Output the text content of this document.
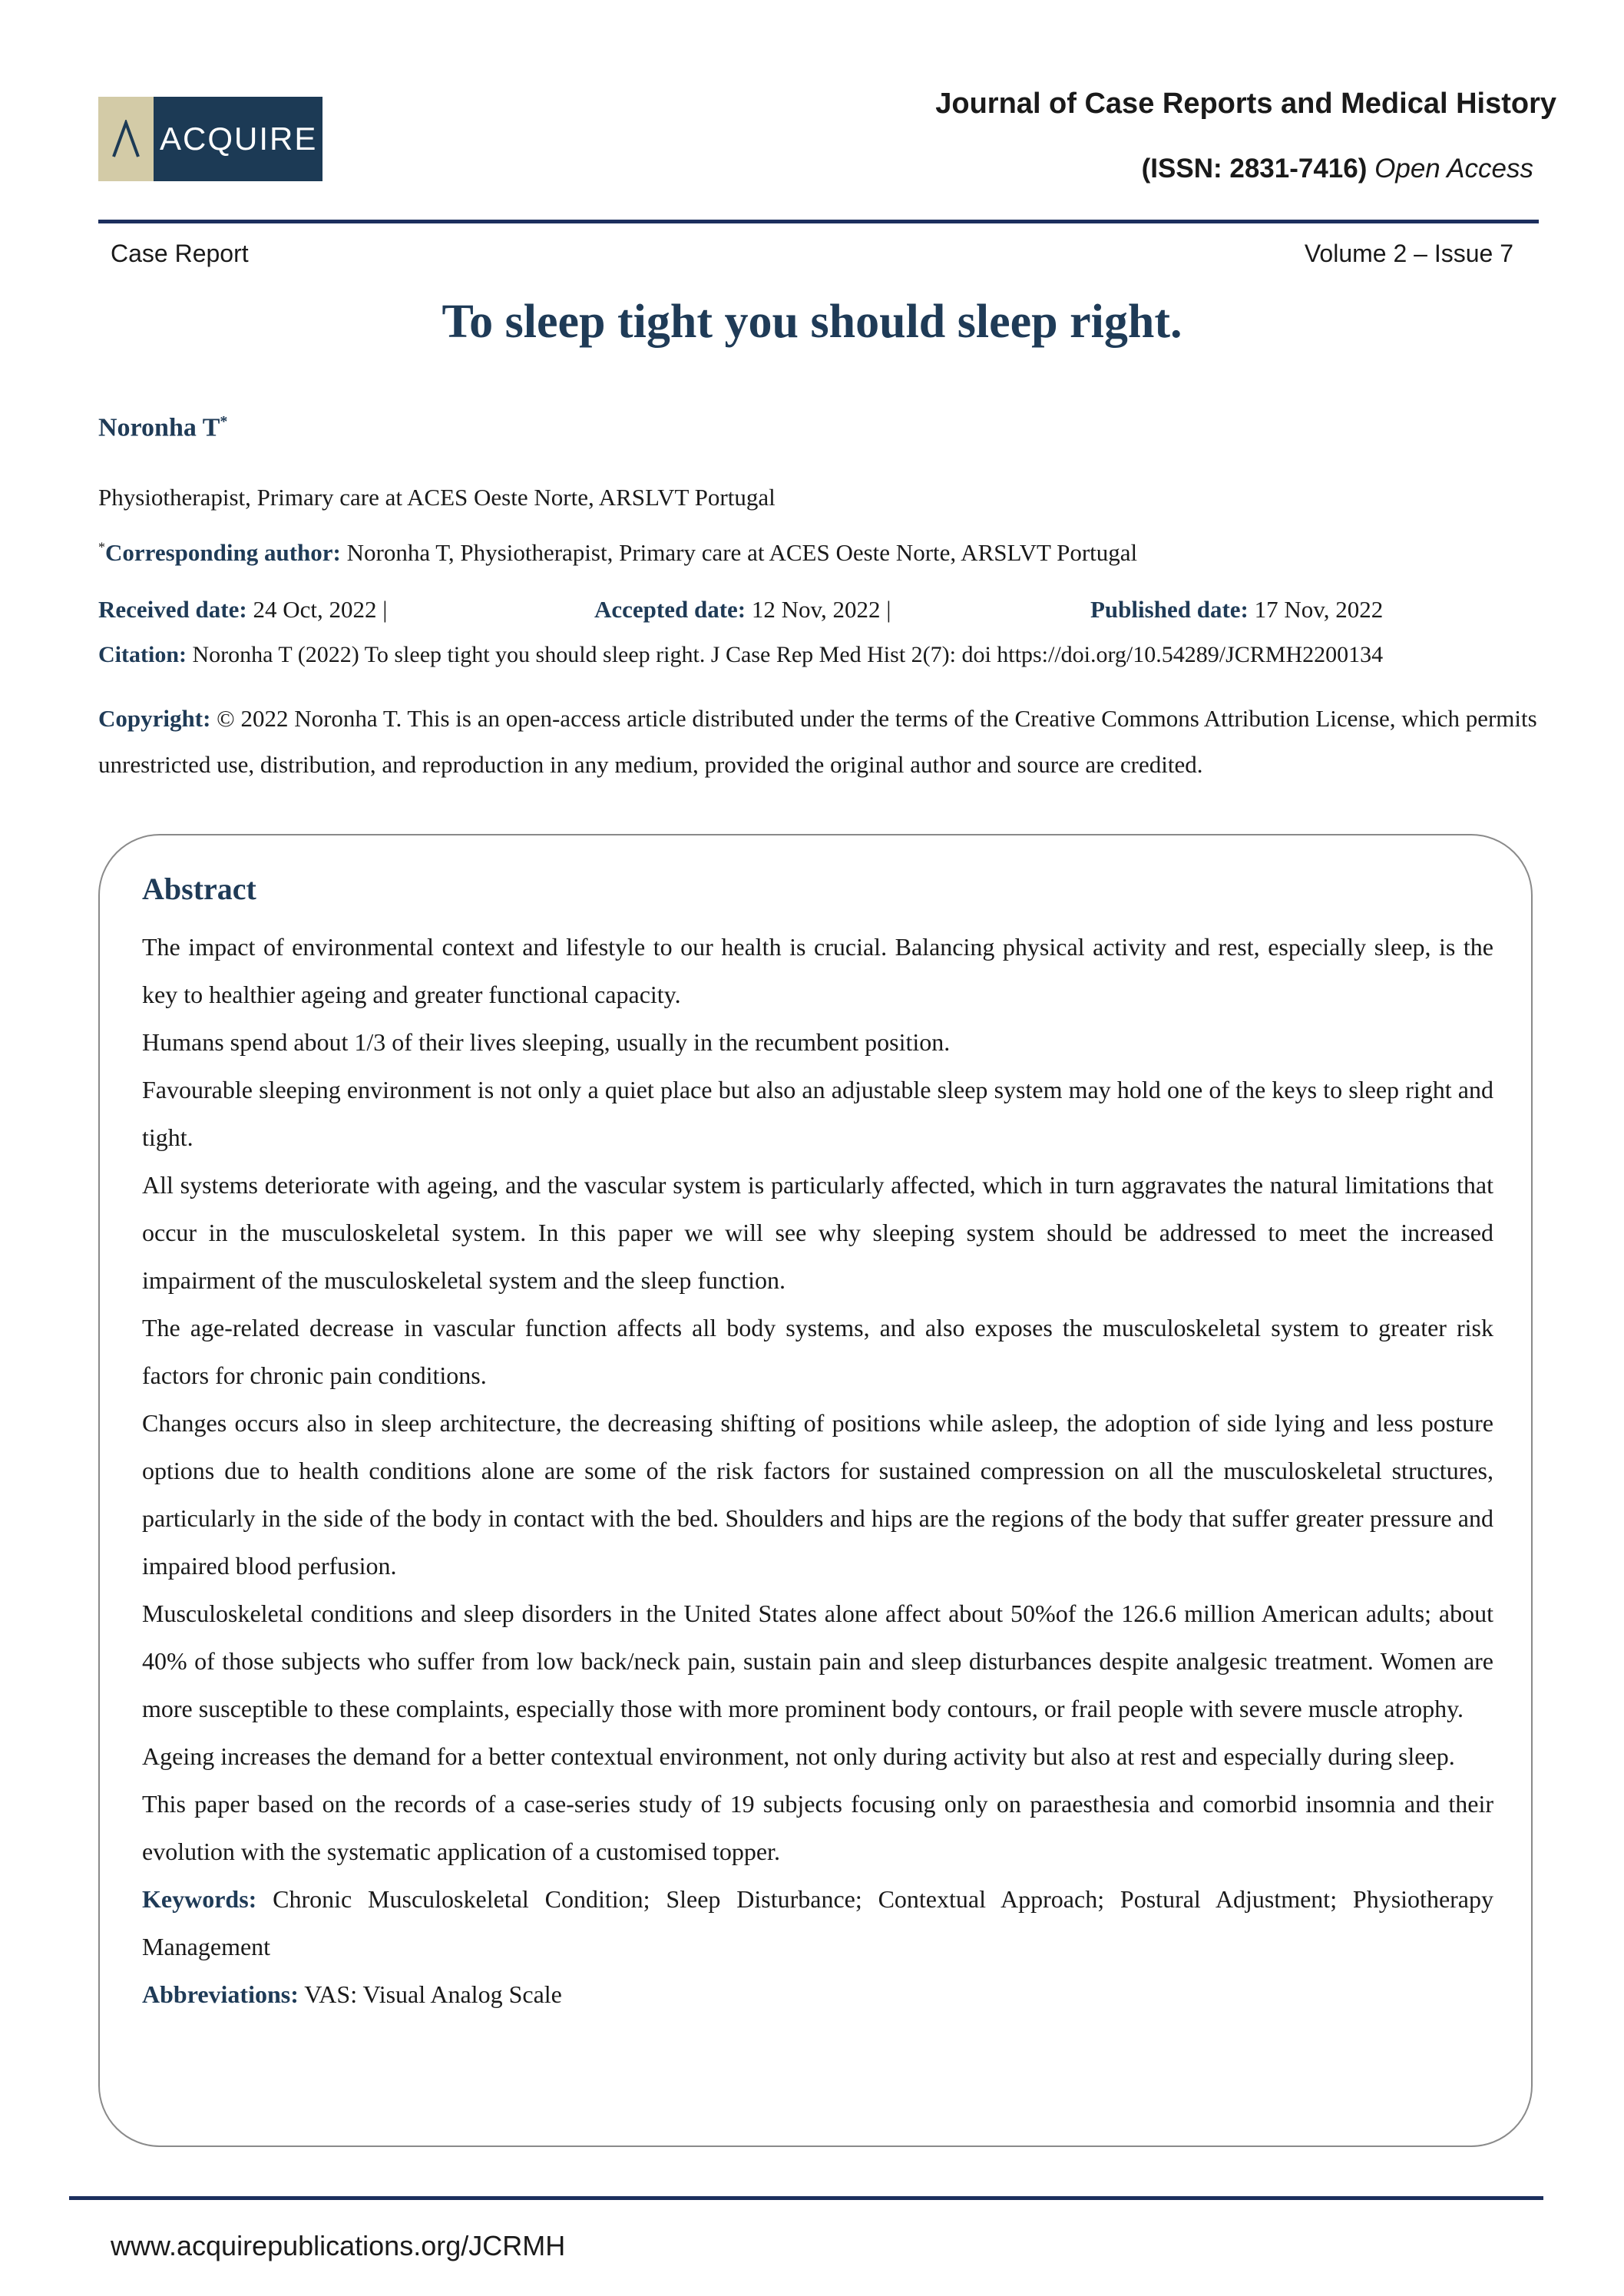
ACQUIRE
Journal of Case Reports and Medical History
(ISSN: 2831-7416) Open Access
Case Report	Volume 2 – Issue 7
To sleep tight you should sleep right.
Noronha T*
Physiotherapist, Primary care at ACES Oeste Norte, ARSLVT Portugal
*Corresponding author: Noronha T, Physiotherapist, Primary care at ACES Oeste Norte, ARSLVT Portugal
Received date: 24 Oct, 2022 |	Accepted date: 12 Nov, 2022 |	Published date: 17 Nov, 2022
Citation: Noronha T (2022) To sleep tight you should sleep right. J Case Rep Med Hist 2(7): doi https://doi.org/10.54289/JCRMH2200134
Copyright: © 2022 Noronha T. This is an open-access article distributed under the terms of the Creative Commons Attribution License, which permits unrestricted use, distribution, and reproduction in any medium, provided the original author and source are credited.
Abstract

The impact of environmental context and lifestyle to our health is crucial. Balancing physical activity and rest, especially sleep, is the key to healthier ageing and greater functional capacity.

Humans spend about 1/3 of their lives sleeping, usually in the recumbent position.

Favourable sleeping environment is not only a quiet place but also an adjustable sleep system may hold one of the keys to sleep right and tight.

All systems deteriorate with ageing, and the vascular system is particularly affected, which in turn aggravates the natural limitations that occur in the musculoskeletal system. In this paper we will see why sleeping system should be addressed to meet the increased impairment of the musculoskeletal system and the sleep function.

The age-related decrease in vascular function affects all body systems, and also exposes the musculoskeletal system to greater risk factors for chronic pain conditions.

Changes occurs also in sleep architecture, the decreasing shifting of positions while asleep, the adoption of side lying and less posture options due to health conditions alone are some of the risk factors for sustained compression on all the musculoskeletal structures, particularly in the side of the body in contact with the bed. Shoulders and hips are the regions of the body that suffer greater pressure and impaired blood perfusion.

Musculoskeletal conditions and sleep disorders in the United States alone affect about 50%of the 126.6 million American adults; about 40% of those subjects who suffer from low back/neck pain, sustain pain and sleep disturbances despite analgesic treatment. Women are more susceptible to these complaints, especially those with more prominent body contours, or frail people with severe muscle atrophy.

Ageing increases the demand for a better contextual environment, not only during activity but also at rest and especially during sleep.

This paper based on the records of a case-series study of 19 subjects focusing only on paraesthesia and comorbid insomnia and their evolution with the systematic application of a customised topper.

Keywords: Chronic Musculoskeletal Condition; Sleep Disturbance; Contextual Approach; Postural Adjustment; Physiotherapy Management

Abbreviations: VAS: Visual Analog Scale

www.acquirepublications.org/JCRMH
